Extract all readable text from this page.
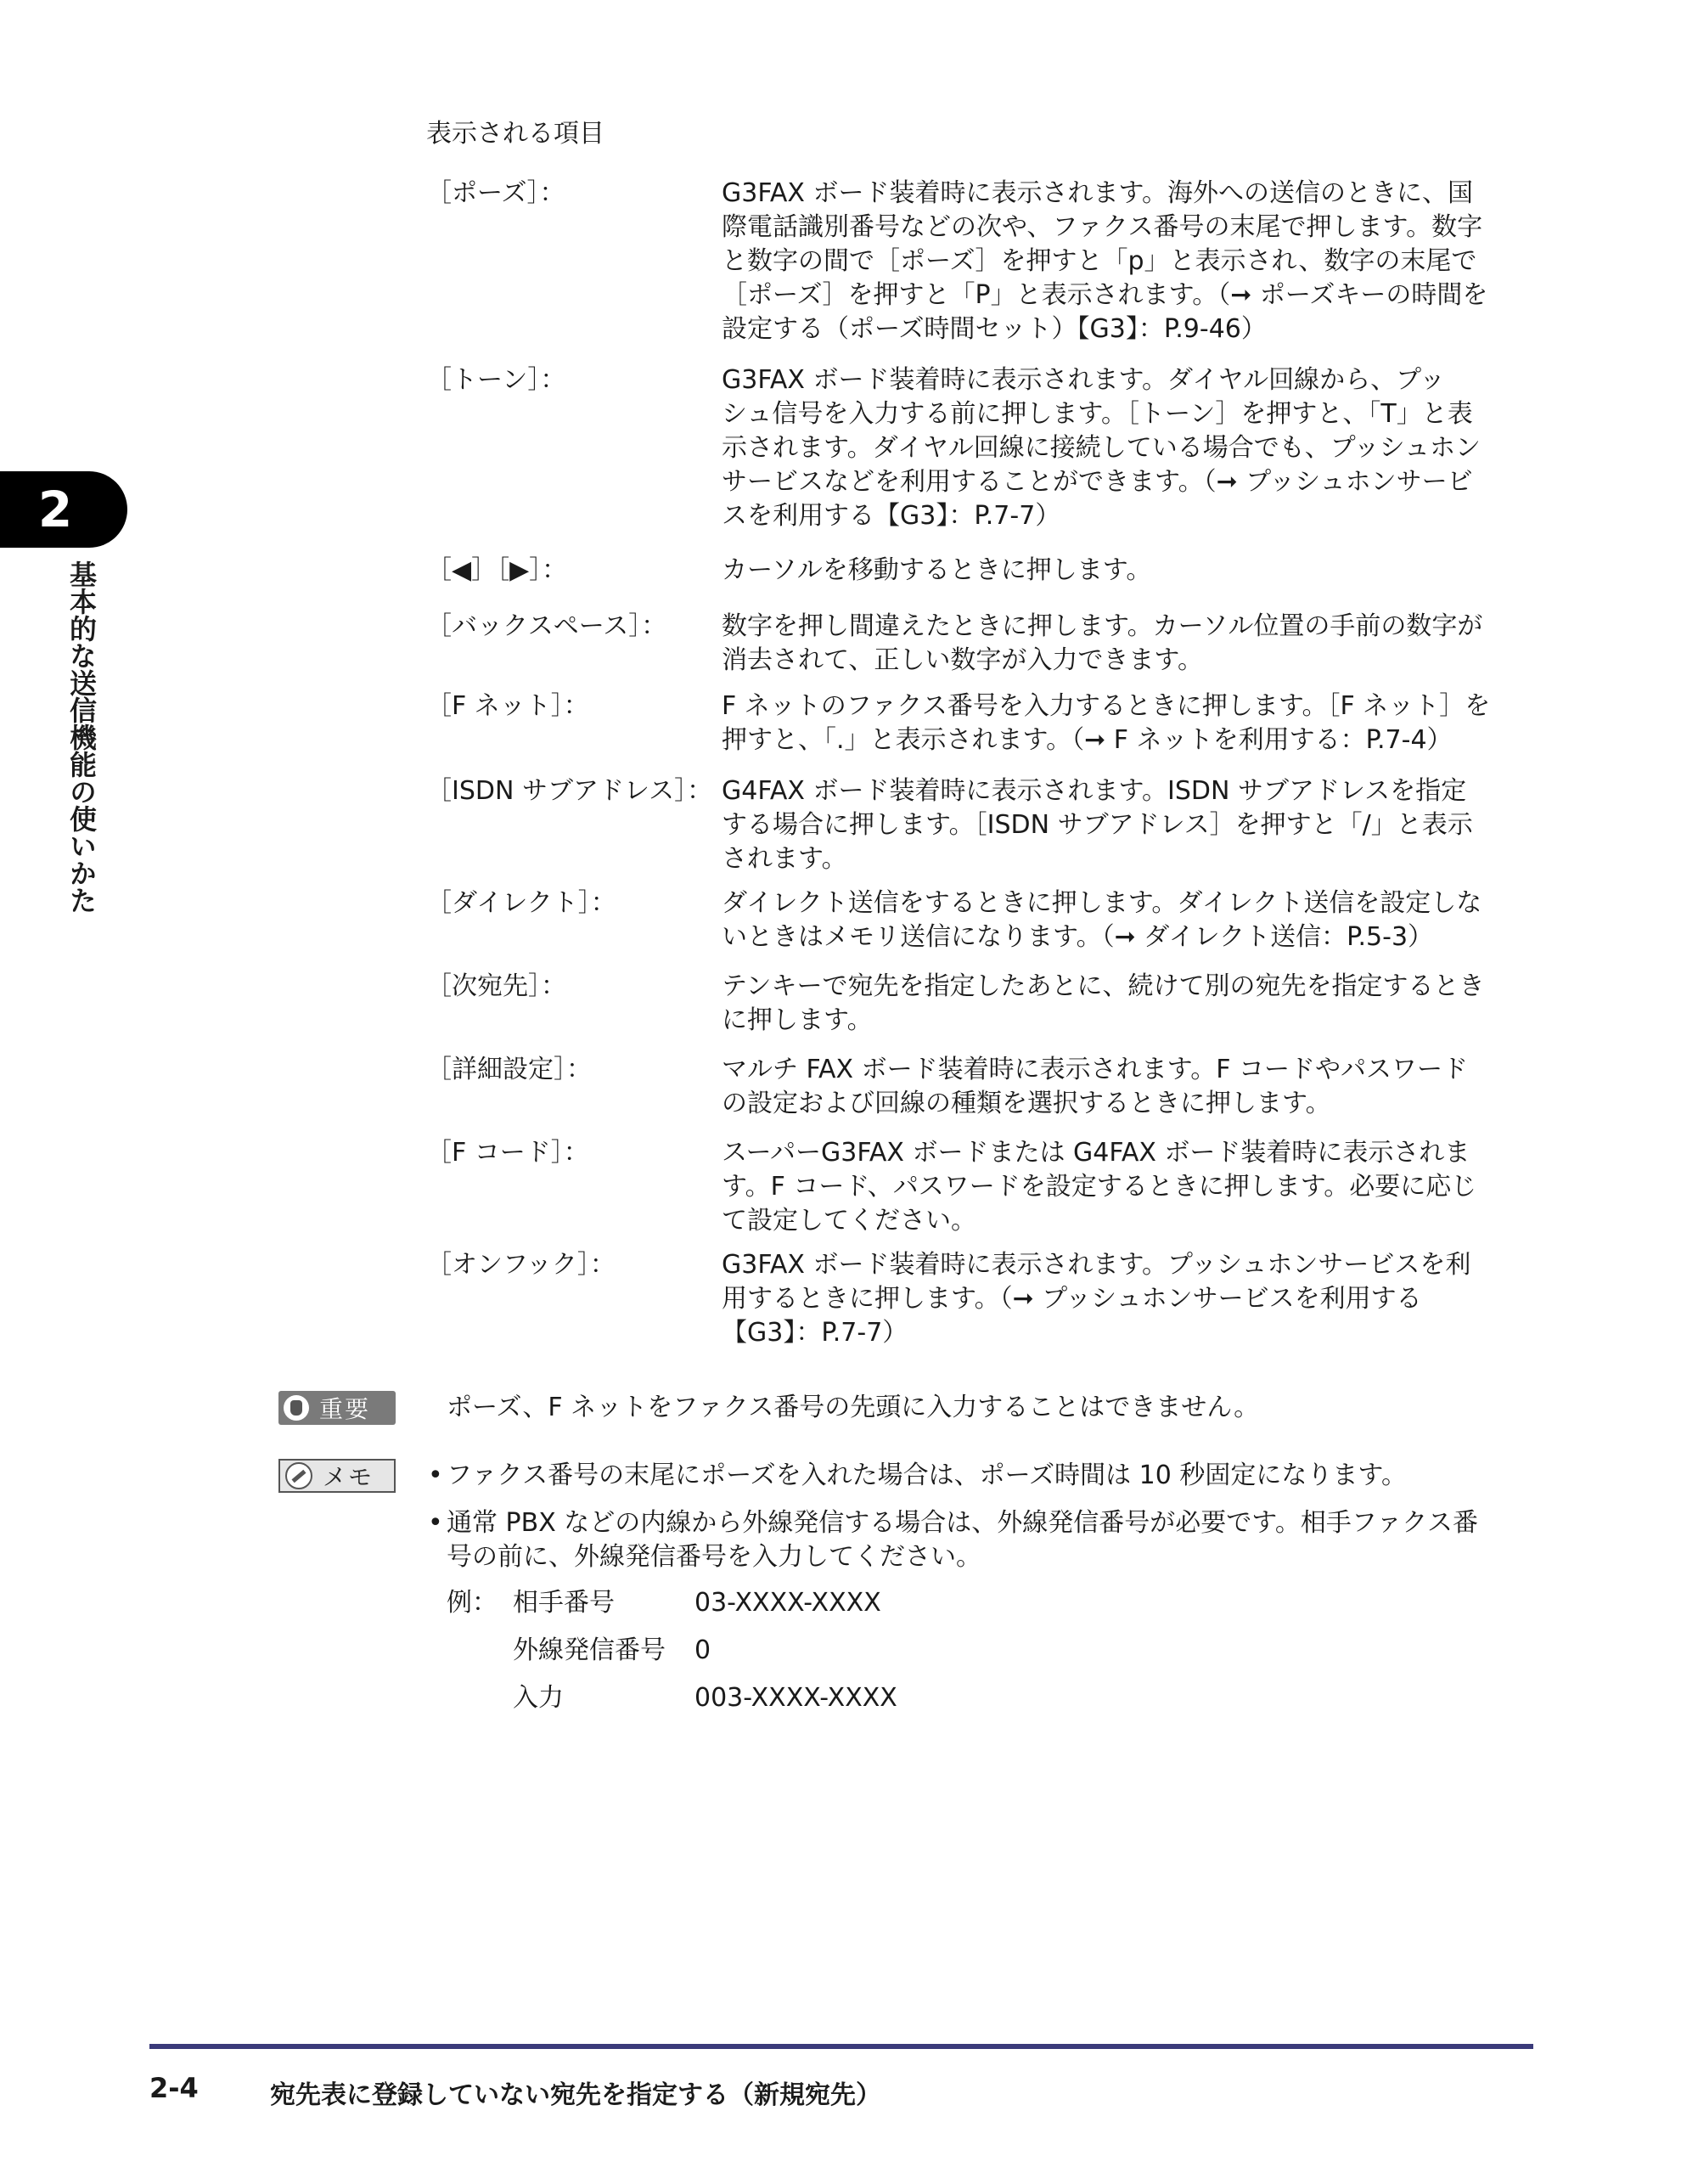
2
基本的な送信機能の使いかた
表示される項目
［ポーズ］：	G3FAX ボード装着時に表示されます。海外への送信のときに、国
際電話識別番号などの次や、ファクス番号の末尾で押します。数字
と数字の間で［ポーズ］を押すと「p」と表示され、数字の末尾で
［ポーズ］を押すと「P」と表示されます。（➞ ポーズキーの時間を
設定する（ポーズ時間セット）【G3】：P.9-46）
［トーン］：	G3FAX ボード装着時に表示されます。ダイヤル回線から、プッ
シュ信号を入力する前に押します。［トーン］を押すと、「T」と表
示されます。ダイヤル回線に接続している場合でも、プッシュホン
サービスなどを利用することができます。（➞ プッシュホンサービ
スを利用する【G3】：P.7-7）
［◀］［▶］：	カーソルを移動するときに押します。
［バックスペース］： 数字を押し間違えたときに押します。カーソル位置の手前の数字が
消去されて、正しい数字が入力できます。
［F ネット］：	F ネットのファクス番号を入力するときに押します。［F ネット］を
押すと、「.」と表示されます。（➞ F ネットを利用する：P.7-4）
［ISDN サブアドレス］： G4FAX ボード装着時に表示されます。ISDN サブアドレスを指定
する場合に押します。［ISDN サブアドレス］を押すと「/」と表示
されます。
［ダイレクト］：	ダイレクト送信をするときに押します。ダイレクト送信を設定しな
いときはメモリ送信になります。（➞ ダイレクト送信：P.5-3）
［次宛先］：	テンキーで宛先を指定したあとに、続けて別の宛先を指定するとき
に押します。
［詳細設定］：	マルチ FAX ボード装着時に表示されます。F コードやパスワード
の設定および回線の種類を選択するときに押します。
［F コード］：	スーパーG3FAX ボードまたは G4FAX ボード装着時に表示されま
す。F コード、パスワードを設定するときに押します。必要に応じ
て設定してください。
［オンフック］：	G3FAX ボード装着時に表示されます。プッシュホンサービスを利
用するときに押します。（➞ プッシュホンサービスを利用する
【G3】：P.7-7）
重要	ポーズ、F ネットをファクス番号の先頭に入力することはできません。
メモ • ファクス番号の末尾にポーズを入れた場合は、ポーズ時間は 10 秒固定になります。
• 通常 PBX などの内線から外線発信する場合は、外線発信番号が必要です。相手ファクス番
号の前に、外線発信番号を入力してください。
例： 相手番号	03-XXXX-XXXX
外線発信番号 0
入力	003-XXXX-XXXX
2-4	宛先表に登録していない宛先を指定する（新規宛先）
